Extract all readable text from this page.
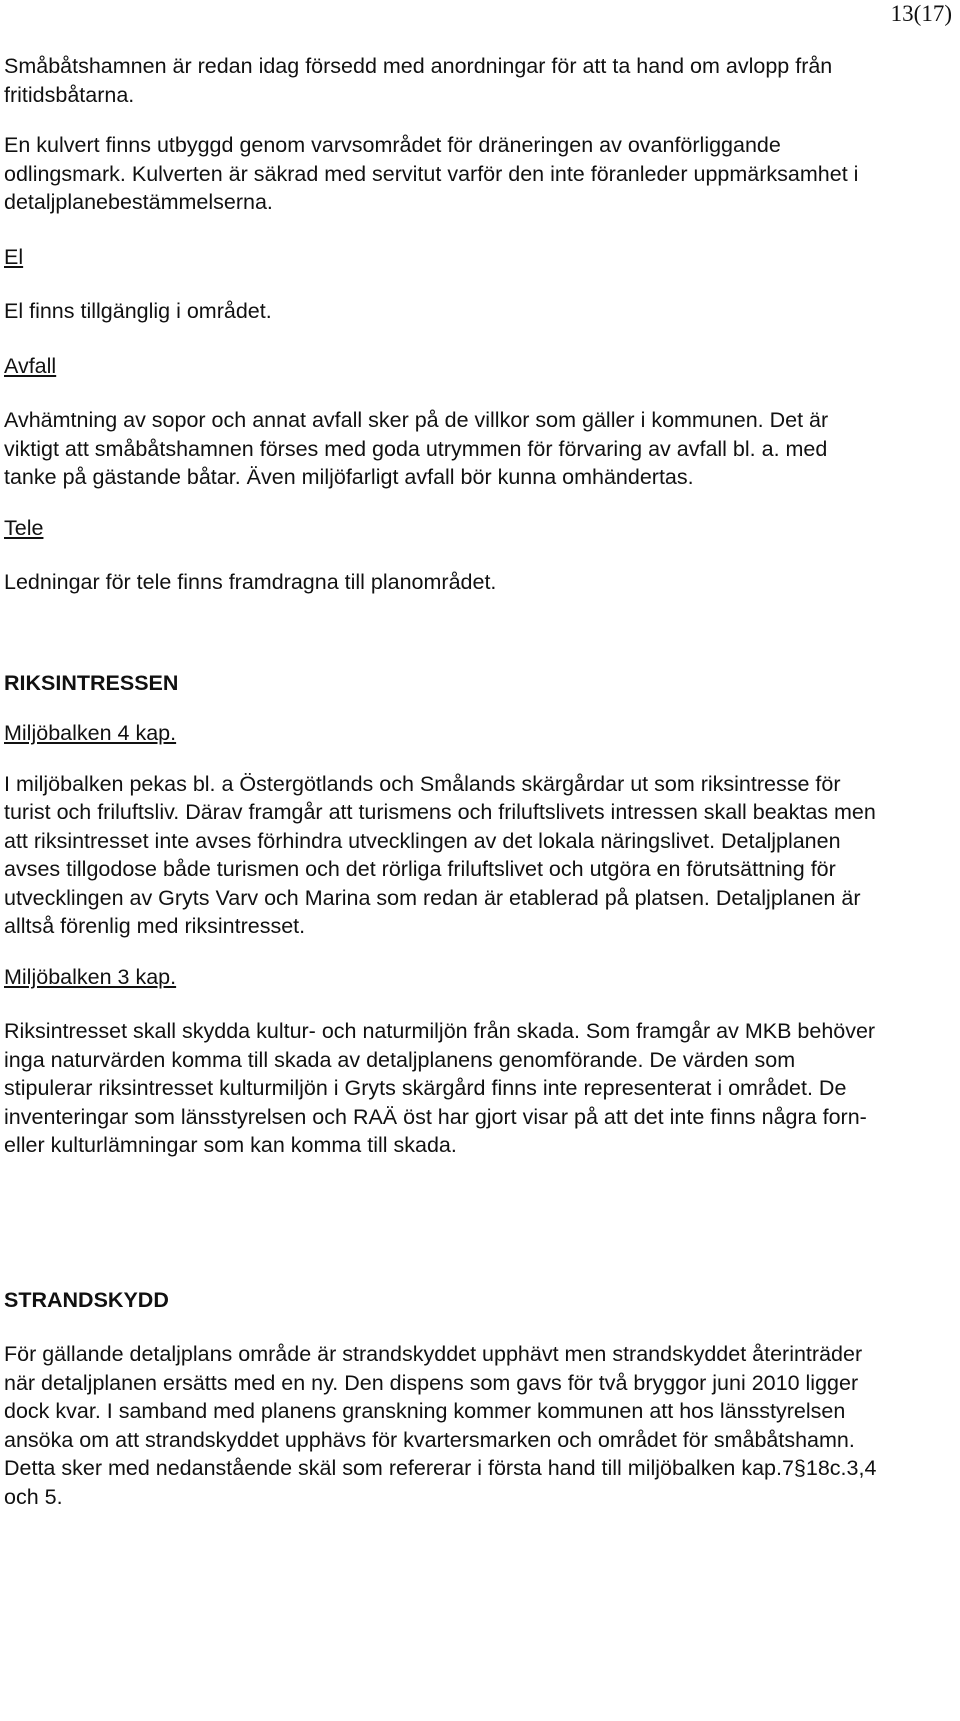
13(17)

Småbåtshamnen är redan idag försedd med anordningar för att ta hand om avlopp från fritidsbåtarna.

En kulvert finns utbyggd genom varvsområdet för dräneringen av ovanförliggande odlingsmark. Kulverten är säkrad med servitut varför den inte föranleder uppmärksamhet i detaljplanebestämmelserna.

El

El finns tillgänglig i området.

Avfall

Avhämtning av sopor och annat avfall sker på de villkor som gäller i kommunen. Det är viktigt att småbåtshamnen förses med goda utrymmen för förvaring av avfall bl. a. med tanke på gästande båtar. Även miljöfarligt avfall bör kunna omhändertas.

Tele

Ledningar för tele finns framdragna till planområdet.

RIKSINTRESSEN

Miljöbalken 4 kap.

I miljöbalken pekas bl. a Östergötlands och Smålands skärgårdar ut som riksintresse för turist och friluftsliv. Därav framgår att turismens och friluftslivets intressen skall beaktas men att riksintresset inte avses förhindra utvecklingen av det lokala näringslivet. Detaljplanen avses tillgodose både turismen och det rörliga friluftslivet och utgöra en förutsättning för utvecklingen av Gryts Varv och Marina som redan är etablerad på platsen. Detaljplanen är alltså förenlig med riksintresset.

Miljöbalken 3 kap.

Riksintresset skall skydda kultur- och naturmiljön från skada. Som framgår av MKB behöver inga naturvärden komma till skada av detaljplanens genomförande. De värden som stipulerar riksintresset kulturmiljön i Gryts skärgård finns inte representerat i området. De inventeringar som länsstyrelsen och RAÄ öst har gjort visar på att det inte finns några forn-eller kulturlämningar som kan komma till skada.

STRANDSKYDD

För gällande detaljplans område är strandskyddet upphävt men strandskyddet återinträder när detaljplanen ersätts med en ny. Den dispens som gavs för två bryggor juni 2010 ligger dock kvar. I samband med planens granskning kommer kommunen att hos länsstyrelsen ansöka om att strandskyddet upphävs för kvartersmarken och området för småbåtshamn. Detta sker med nedanstående skäl som refererar i första hand till miljöbalken kap.7§18c.3,4 och 5.
